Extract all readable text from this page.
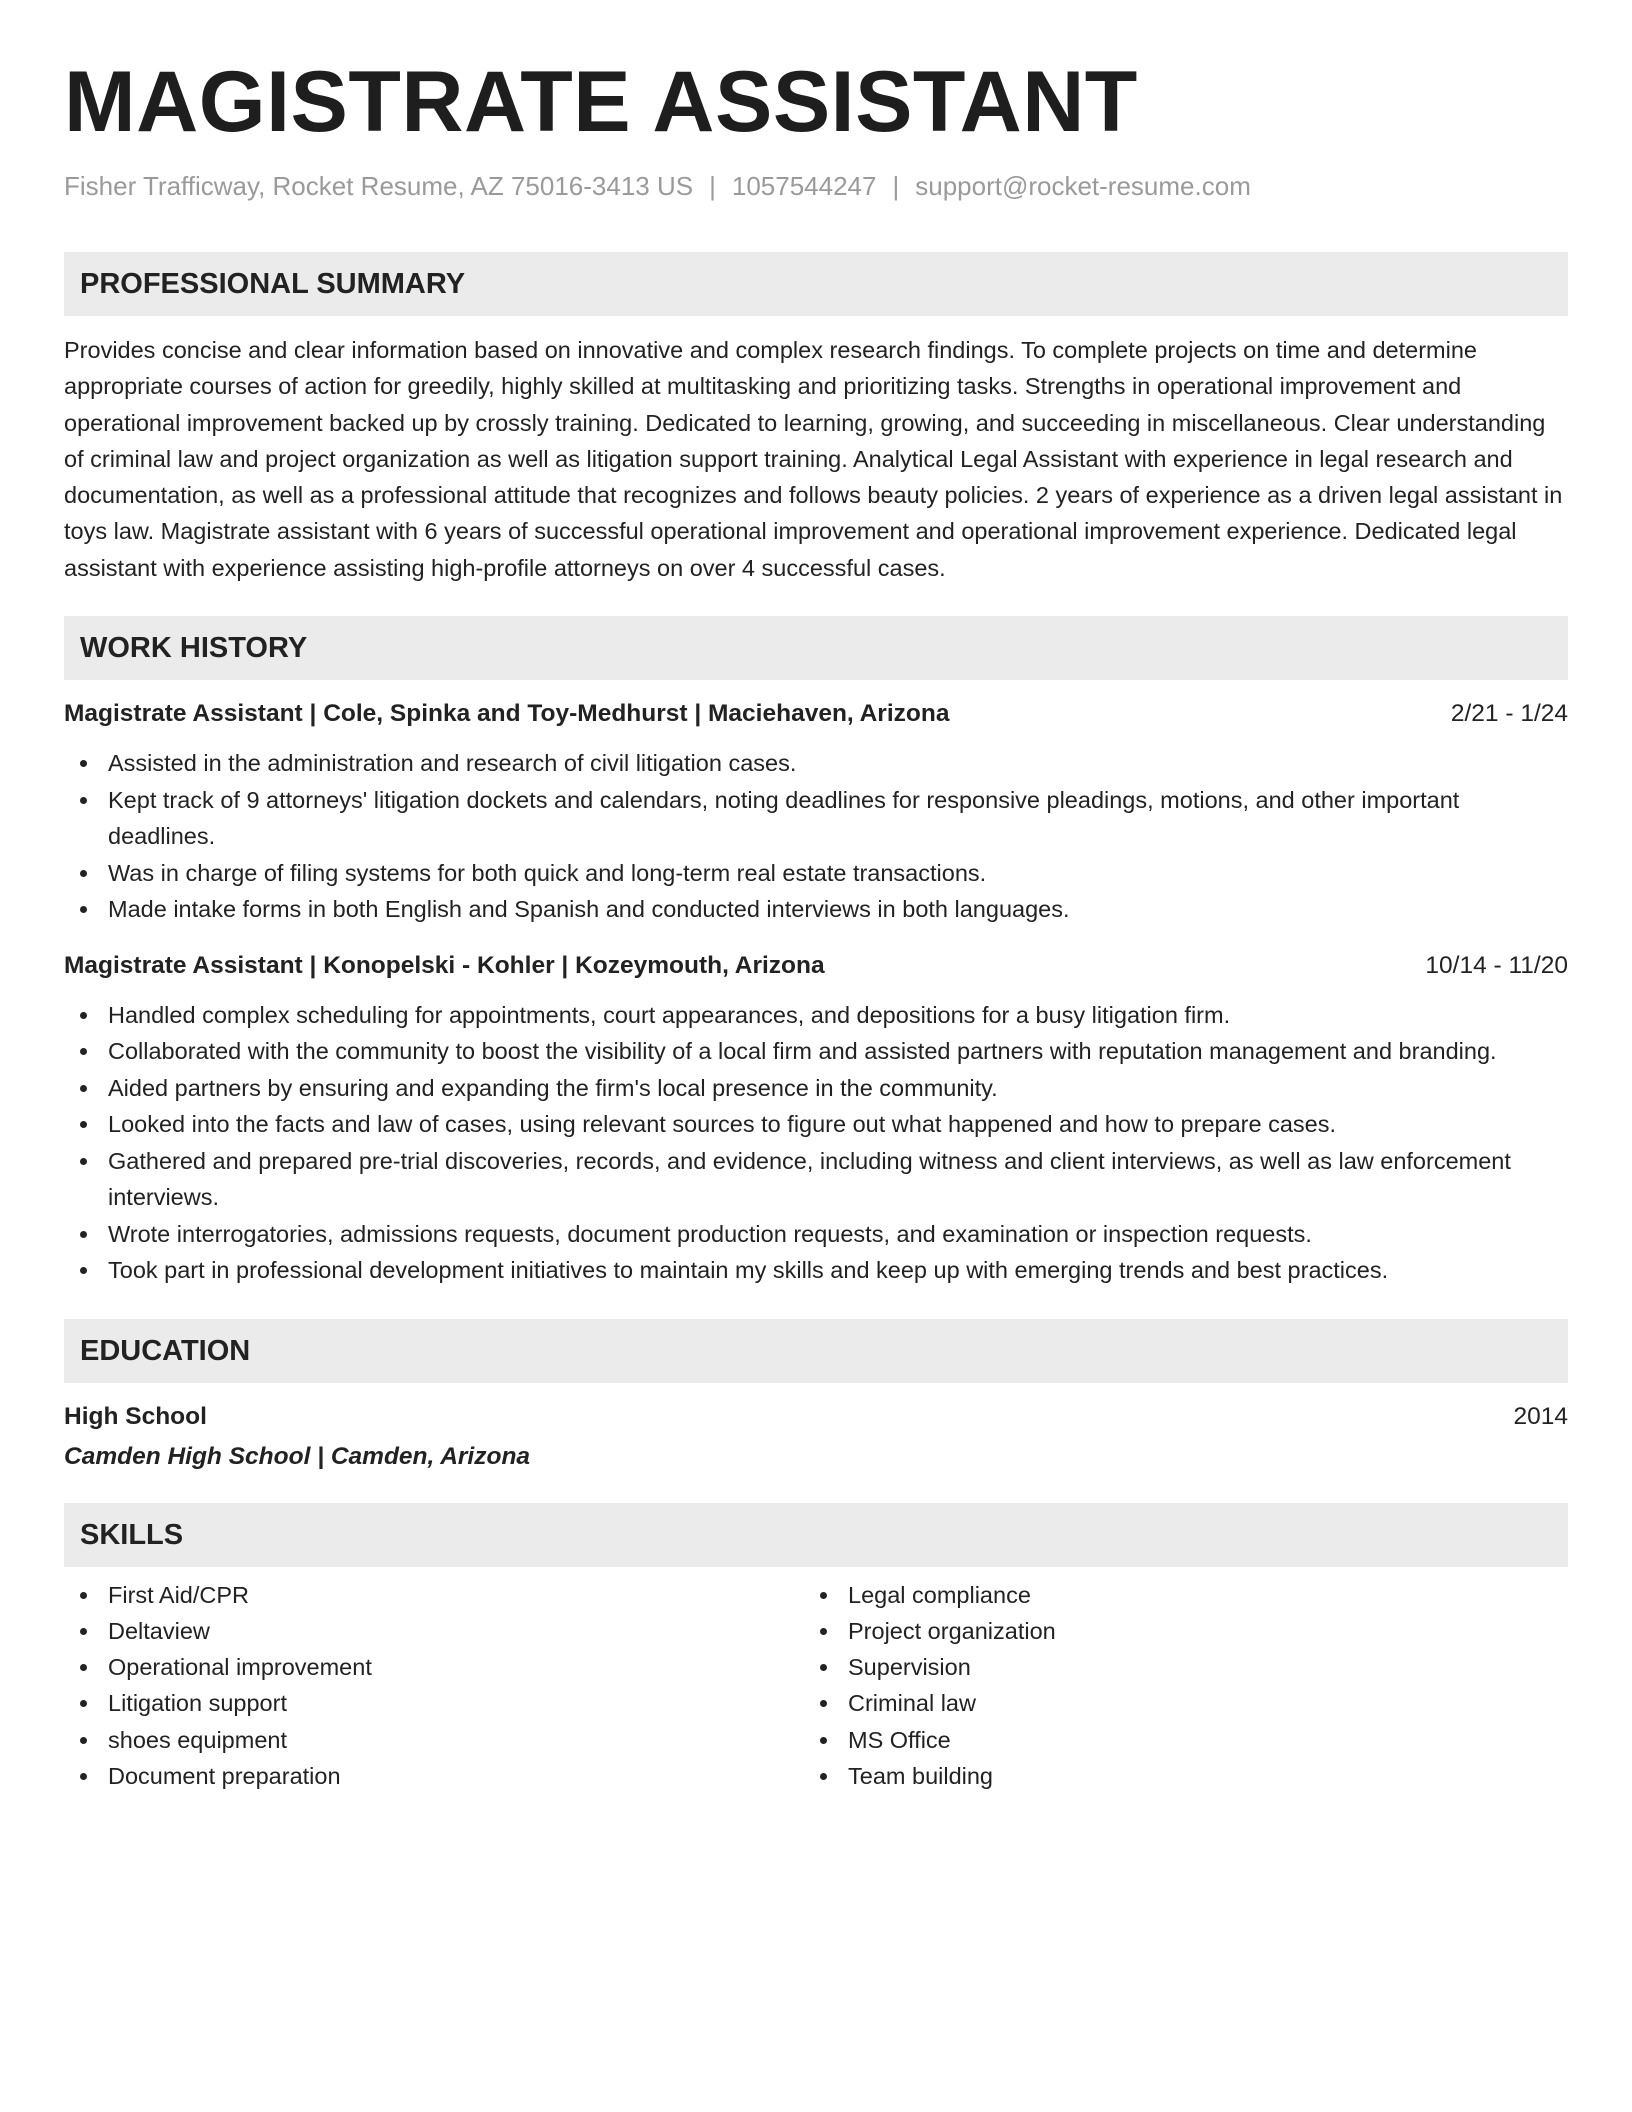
MAGISTRATE ASSISTANT
Fisher Trafficway, Rocket Resume, AZ 75016-3413 US | 1057544247 | support@rocket-resume.com
PROFESSIONAL SUMMARY

Provides concise and clear information based on innovative and complex research findings. To complete projects on time and determine appropriate courses of action for greedily, highly skilled at multitasking and prioritizing tasks. Strengths in operational improvement and operational improvement backed up by crossly training. Dedicated to learning, growing, and succeeding in miscellaneous. Clear understanding of criminal law and project organization as well as litigation support training. Analytical Legal Assistant with experience in legal research and documentation, as well as a professional attitude that recognizes and follows beauty policies. 2 years of experience as a driven legal assistant in toys law. Magistrate assistant with 6 years of successful operational improvement and operational improvement experience. Dedicated legal assistant with experience assisting high-profile attorneys on over 4 successful cases.

WORK HISTORY
Magistrate Assistant | Cole, Spinka and Toy-Medhurst | Maciehaven, Arizona	2/21 - 1/24
Assisted in the administration and research of civil litigation cases.
Kept track of 9 attorneys' litigation dockets and calendars, noting deadlines for responsive pleadings, motions, and other important deadlines.
Was in charge of filing systems for both quick and long-term real estate transactions.
Made intake forms in both English and Spanish and conducted interviews in both languages.
Magistrate Assistant | Konopelski - Kohler | Kozeymouth, Arizona	10/14 - 11/20
Handled complex scheduling for appointments, court appearances, and depositions for a busy litigation firm.
Collaborated with the community to boost the visibility of a local firm and assisted partners with reputation management and branding.
Aided partners by ensuring and expanding the firm's local presence in the community.
Looked into the facts and law of cases, using relevant sources to figure out what happened and how to prepare cases.
Gathered and prepared pre-trial discoveries, records, and evidence, including witness and client interviews, as well as law enforcement interviews.
Wrote interrogatories, admissions requests, document production requests, and examination or inspection requests.
Took part in professional development initiatives to maintain my skills and keep up with emerging trends and best practices.
EDUCATION
High School	2014
Camden High School | Camden, Arizona
SKILLS
First Aid/CPR
Deltaview
Operational improvement
Litigation support
shoes equipment
Document preparation
Legal compliance
Project organization
Supervision
Criminal law
MS Office
Team building
